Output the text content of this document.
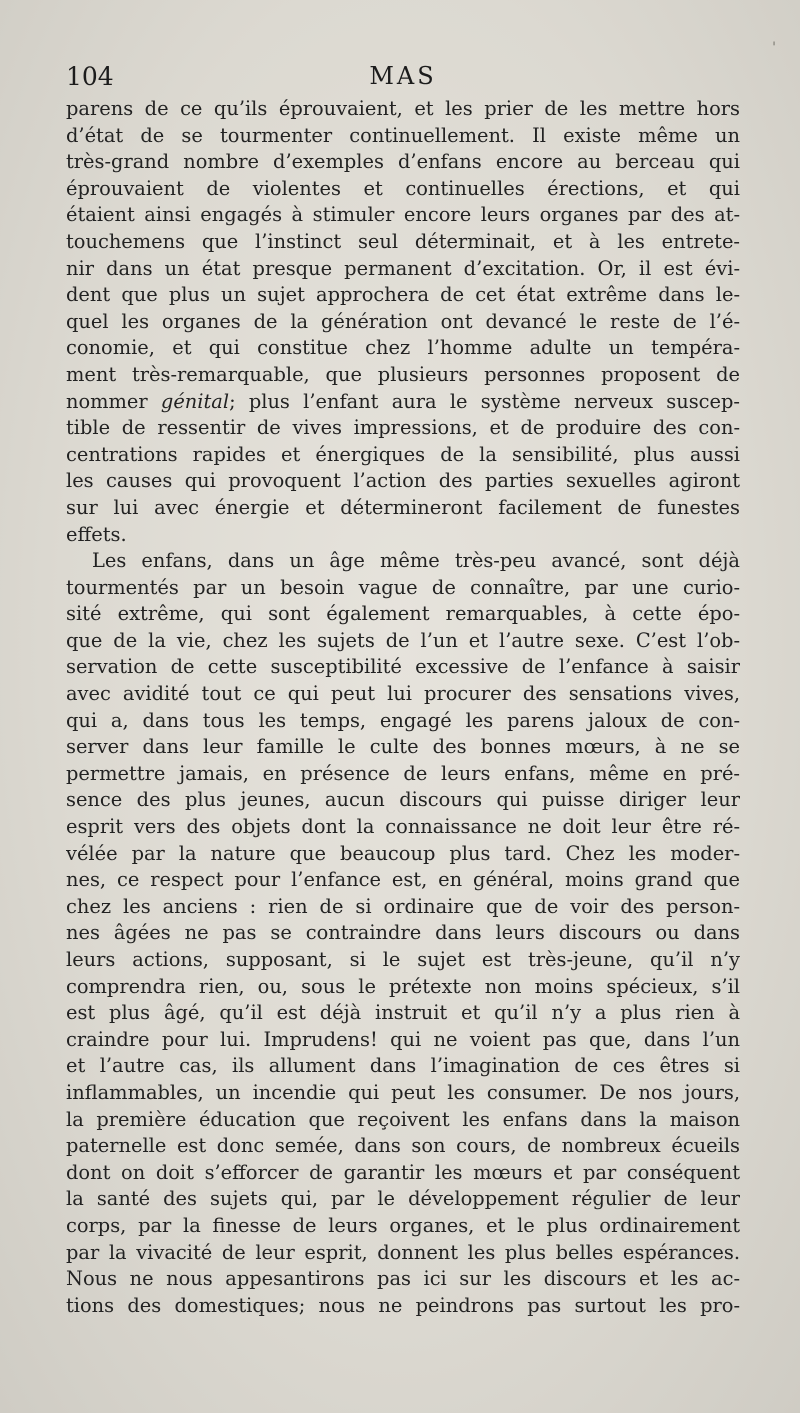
'
104	MAS
parens de ce qu’ils éprouvaient, et les prier de les mettre hors
d’état de se tourmenter continuellement. Il existe même un
très-grand nombre d’exemples d’enfans encore au berceau qui
éprouvaient de violentes et continuelles érections, et qui
étaient ainsi engagés à stimuler encore leurs organes par des at-
touchemens que l’instinct seul déterminait, et à les entrete-
nir dans un état presque permanent d’excitation. Or, il est évi-
dent que plus un sujet approchera de cet état extrême dans le-
quel les organes de la génération ont devancé le reste de l’é-
conomie, et qui constitue chez l’homme adulte un tempéra-
ment très-remarquable, que plusieurs personnes proposent de
nommer génital; plus l’enfant aura le système nerveux suscep-
tible de ressentir de vives impressions, et de produire des con-
centrations rapides et énergiques de la sensibilité, plus aussi
les causes qui provoquent l’action des parties sexuelles agiront
sur lui avec énergie et détermineront facilement de funestes
effets.
Les enfans, dans un âge même très-peu avancé, sont déjà
tourmentés par un besoin vague de connaître, par une curio-
sité extrême, qui sont également remarquables, à cette épo-
que de la vie, chez les sujets de l’un et l’autre sexe. C’est l’ob-
servation de cette susceptibilité excessive de l’enfance à saisir
avec avidité tout ce qui peut lui procurer des sensations vives,
qui a, dans tous les temps, engagé les parens jaloux de con-
server dans leur famille le culte des bonnes mœurs, à ne se
permettre jamais, en présence de leurs enfans, même en pré-
sence des plus jeunes, aucun discours qui puisse diriger leur
esprit vers des objets dont la connaissance ne doit leur être ré-
vélée par la nature que beaucoup plus tard. Chez les moder-
nes, ce respect pour l’enfance est, en général, moins grand que
chez les anciens : rien de si ordinaire que de voir des person-
nes âgées ne pas se contraindre dans leurs discours ou dans
leurs actions, supposant, si le sujet est très-jeune, qu’il n’y
comprendra rien, ou, sous le prétexte non moins spécieux, s’il
est plus âgé, qu’il est déjà instruit et qu’il n’y a plus rien à
craindre pour lui. Imprudens! qui ne voient pas que, dans l’un
et l’autre cas, ils allument dans l’imagination de ces êtres si
inflammables, un incendie qui peut les consumer. De nos jours,
la première éducation que reçoivent les enfans dans la maison
paternelle est donc semée, dans son cours, de nombreux écueils
dont on doit s’efforcer de garantir les mœurs et par conséquent
la santé des sujets qui, par le développement régulier de leur
corps, par la finesse de leurs organes, et le plus ordinairement
par la vivacité de leur esprit, donnent les plus belles espérances.
Nous ne nous appesantirons pas ici sur les discours et les ac-
tions des domestiques; nous ne peindrons pas surtout les pro-
